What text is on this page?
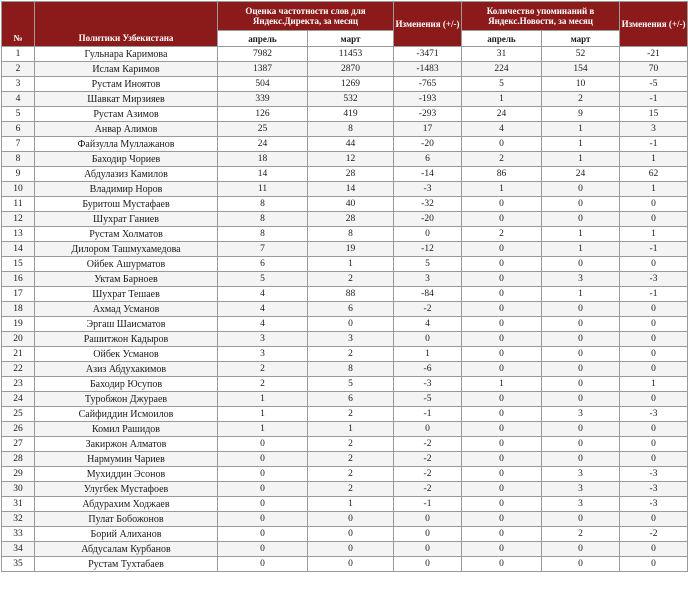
№	Политики Узбекистана	Оценка частотности слов для Яндекс.Директа, за месяц		Изменения (+/-)	Количество упоминаний в Яндекс.Новости, за месяц		Изменения (+/-)
		апрель	март		апрель	март	
1	Гульнара Каримова	7982	11453	-3471	31	52	-21
2	Ислам Каримов	1387	2870	-1483	224	154	70
3	Рустам Иноятов	504	1269	-765	5	10	-5
4	Шавкат Мирзияев	339	532	-193	1	2	-1
5	Рустам Азимов	126	419	-293	24	9	15
6	Анвар Алимов	25	8	17	4	1	3
7	Файзулла Муллажанов	24	44	-20	0	1	-1
8	Баходир Чориев	18	12	6	2	1	1
9	Абдулазиз Камилов	14	28	-14	86	24	62
10	Владимир Норов	11	14	-3	1	0	1
11	Буритош Мустафаев	8	40	-32	0	0	0
12	Шухрат Ганиев	8	28	-20	0	0	0
13	Рустам Холматов	8	8	0	2	1	1
14	Дилором Ташмухамедова	7	19	-12	0	1	-1
15	Ойбек Ашурматов	6	1	5	0	0	0
16	Уктам Барноев	5	2	3	0	3	-3
17	Шухрат Тешаев	4	88	-84	0	1	-1
18	Ахмад Усманов	4	6	-2	0	0	0
19	Эргаш Шаисматов	4	0	4	0	0	0
20	Рашитжон Кадыров	3	3	0	0	0	0
21	Ойбек Усманов	3	2	1	0	0	0
22	Азиз Абдухакимов	2	8	-6	0	0	0
23	Баходир Юсупов	2	5	-3	1	0	1
24	Туробжон Джураев	1	6	-5	0	0	0
25	Сайфиддин Исмоилов	1	2	-1	0	3	-3
26	Комил Рашидов	1	1	0	0	0	0
27	Закиржон Алматов	0	2	-2	0	0	0
28	Нармумин Чариев	0	2	-2	0	0	0
29	Мухиддин Эсонов	0	2	-2	0	3	-3
30	Улугбек Мустафоев	0	2	-2	0	3	-3
31	Абдурахим Ходжаев	0	1	-1	0	3	-3
32	Пулат Бобожонов	0	0	0	0	0	0
33	Борий Алиханов	0	0	0	0	2	-2
34	Абдусалам Курбанов	0	0	0	0	0	0
35	Рустам Тухтабаев	0	0	0	0	0	0
